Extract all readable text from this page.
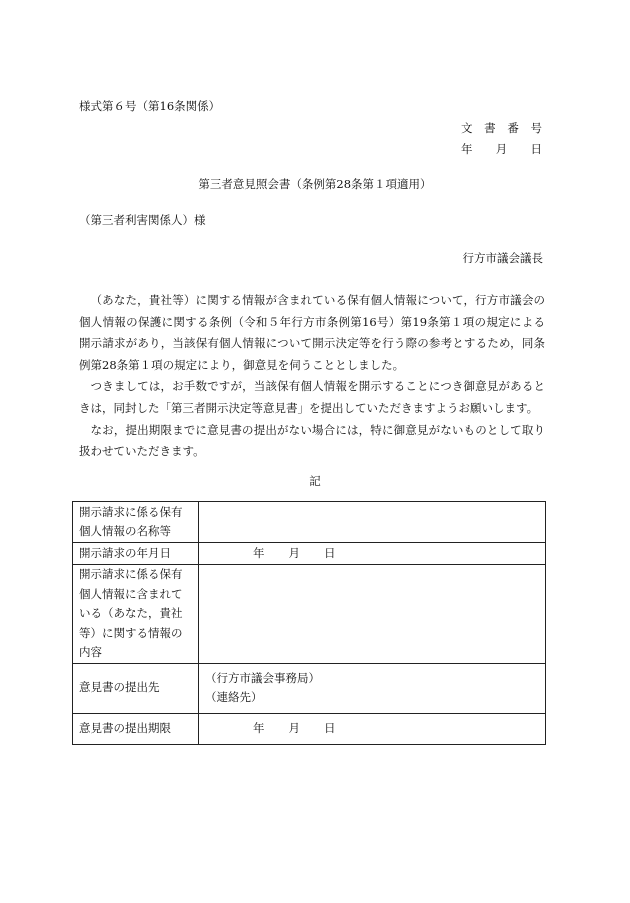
様式第６号（第16条関係）
文 書 番 号
年 月 日
第三者意見照会書（条例第28条第１項適用）
（第三者利害関係人）様
行方市議会議長

（あなた，貴社等）に関する情報が含まれている保有個人情報について，行方市議会の個人情報の保護に関する条例（令和５年行方市条例第16号）第19条第１項の規定による開示請求があり，当該保有個人情報について開示決定等を行う際の参考とするため，同条例第28条第１項の規定により，御意見を伺うこととしました。

つきましては，お手数ですが，当該保有個人情報を開示することにつき御意見があるときは，同封した「第三者開示決定等意見書」を提出していただきますようお願いします。

なお，提出期限までに意見書の提出がない場合には，特に御意見がないものとして取り扱わせていただきます。

記
開示請求に係る保有個人情報の名称等	
開示請求の年月日	年 月 日
開示請求に係る保有個人情報に含まれている（あなた，貴社等）に関する情報の内容	
意見書の提出先	（行方市議会事務局）
（連絡先）

意見書の提出期限	年 月 日
